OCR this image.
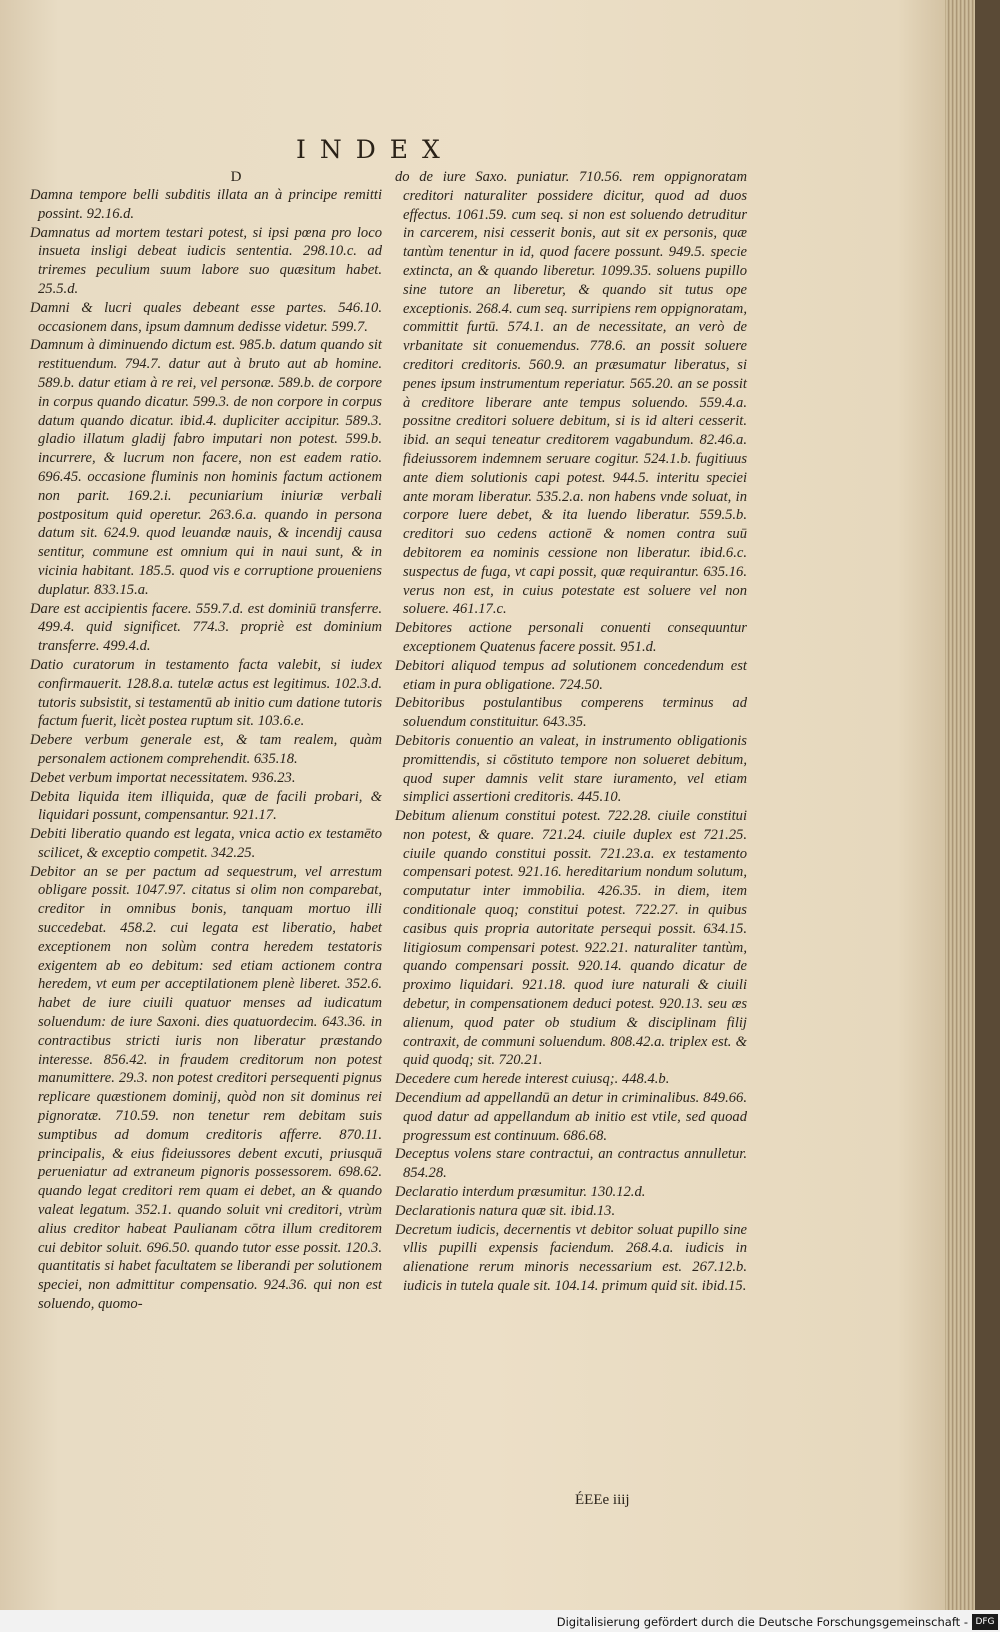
INDEX
D

Damna tempore belli subditis illata an à principe remitti possint. 92.16.d.

Damnatus ad mortem testari potest, si ipsi pœna pro loco insueta insligi debeat iudicis sententia. 298.10.c. ad triremes peculium suum labore suo quæsitum habet. 25.5.d.

Damni & lucri quales debeant esse partes. 546.10. occasionem dans, ipsum damnum dedisse videtur. 599.7.

Damnum à diminuendo dictum est. 985.b. datum quando sit restituendum. 794.7. datur aut à bruto aut ab homine. 589.b. datur etiam à re rei, vel personæ. 589.b. de corpore in corpus quando dicatur. 599.3. de non corpore in corpus datum quando dicatur. ibid.4. dupliciter accipitur. 589.3. gladio illatum gladij fabro imputari non potest. 599.b. incurrere, & lucrum non facere, non est eadem ratio. 696.45. occasione fluminis non hominis factum actionem non parit. 169.2.i. pecuniarium iniuriæ verbali postpositum quid operetur. 263.6.a. quando in persona datum sit. 624.9. quod leuandæ nauis, & incendij causa sentitur, commune est omnium qui in naui sunt, & in vicinia habitant. 185.5. quod vis e corruptione proueniens duplatur. 833.15.a.

Dare est accipientis facere. 559.7.d. est dominiū transferre. 499.4. quid significet. 774.3. propriè est dominium transferre. 499.4.d.

Datio curatorum in testamento facta valebit, si iudex confirmauerit. 128.8.a. tutelæ actus est legitimus. 102.3.d. tutoris subsistit, si testamentū ab initio cum datione tutoris factum fuerit, licèt postea ruptum sit. 103.6.e.

Debere verbum generale est, & tam realem, quàm personalem actionem comprehendit. 635.18.

Debet verbum importat necessitatem. 936.23.

Debita liquida item illiquida, quæ de facili probari, & liquidari possunt, compensantur. 921.17.

Debiti liberatio quando est legata, vnica actio ex testamēto scilicet, & exceptio competit. 342.25.

Debitor an se per pactum ad sequestrum, vel arrestum obligare possit. 1047.97. citatus si olim non comparebat, creditor in omnibus bonis, tanquam mortuo illi succedebat. 458.2. cui legata est liberatio, habet exceptionem non solùm contra heredem testatoris exigentem ab eo debitum: sed etiam actionem contra heredem, vt eum per acceptilationem plenè liberet. 352.6. habet de iure ciuili quatuor menses ad iudicatum soluendum: de iure Saxoni. dies quatuordecim. 643.36. in contractibus stricti iuris non liberatur præstando interesse. 856.42. in fraudem creditorum non potest manumittere. 29.3. non potest creditori persequenti pignus replicare quæstionem dominij, quòd non sit dominus rei pignoratæ. 710.59. non tenetur rem debitam suis sumptibus ad domum creditoris afferre. 870.11. principalis, & eius fideiussores debent excuti, priusquā perueniatur ad extraneum pignoris possessorem. 698.62. quando legat creditori rem quam ei debet, an & quando valeat legatum. 352.1. quando soluit vni creditori, vtrùm alius creditor habeat Paulianam cōtra illum creditorem cui debitor soluit. 696.50. quando tutor esse possit. 120.3. quantitatis si habet facultatem se liberandi per solutionem speciei, non admittitur compensatio. 924.36. qui non est soluendo, quomo-

do de iure Saxo. puniatur. 710.56. rem oppignoratam creditori naturaliter possidere dicitur, quod ad duos effectus. 1061.59. cum seq. si non est soluendo detruditur in carcerem, nisi cesserit bonis, aut sit ex personis, quæ tantùm tenentur in id, quod facere possunt. 949.5. specie extincta, an & quando liberetur. 1099.35. soluens pupillo sine tutore an liberetur, & quando sit tutus ope exceptionis. 268.4. cum seq. surripiens rem oppignoratam, committit furtū. 574.1. an de necessitate, an verò de vrbanitate sit conuemendus. 778.6. an possit soluere creditori creditoris. 560.9. an præsumatur liberatus, si penes ipsum instrumentum reperiatur. 565.20. an se possit à creditore liberare ante tempus soluendo. 559.4.a. possitne creditori soluere debitum, si is id alteri cesserit. ibid. an sequi teneatur creditorem vagabundum. 82.46.a. fideiussorem indemnem seruare cogitur. 524.1.b. fugitiuus ante diem solutionis capi potest. 944.5. interitu speciei ante moram liberatur. 535.2.a. non habens vnde soluat, in corpore luere debet, & ita luendo liberatur. 559.5.b. creditori suo cedens actionē & nomen contra suū debitorem ea nominis cessione non liberatur. ibid.6.c. suspectus de fuga, vt capi possit, quæ requirantur. 635.16. verus non est, in cuius potestate est soluere vel non soluere. 461.17.c.

Debitores actione personali conuenti consequuntur exceptionem Quatenus facere possit. 951.d.

Debitori aliquod tempus ad solutionem concedendum est etiam in pura obligatione. 724.50.

Debitoribus postulantibus comperens terminus ad soluendum constituitur. 643.35.

Debitoris conuentio an valeat, in instrumento obligationis promittendis, si cōstituto tempore non solueret debitum, quod super damnis velit stare iuramento, vel etiam simplici assertioni creditoris. 445.10.

Debitum alienum constitui potest. 722.28. ciuile constitui non potest, & quare. 721.24. ciuile duplex est 721.25. ciuile quando constitui possit. 721.23.a. ex testamento compensari potest. 921.16. hereditarium nondum solutum, computatur inter immobilia. 426.35. in diem, item conditionale quoq; constitui potest. 722.27. in quibus casibus quis propria autoritate persequi possit. 634.15. litigiosum compensari potest. 922.21. naturaliter tantùm, quando compensari possit. 920.14. quando dicatur de proximo liquidari. 921.18. quod iure naturali & ciuili debetur, in compensationem deduci potest. 920.13. seu æs alienum, quod pater ob studium & disciplinam filij contraxit, de communi soluendum. 808.42.a. triplex est. & quid quodq; sit. 720.21.

Decedere cum herede interest cuiusq;. 448.4.b.

Decendium ad appellandū an detur in criminalibus. 849.66. quod datur ad appellandum ab initio est vtile, sed quoad progressum est continuum. 686.68.

Deceptus volens stare contractui, an contractus annulletur. 854.28.

Declaratio interdum præsumitur. 130.12.d.

Declarationis natura quæ sit. ibid.13.

Decretum iudicis, decernentis vt debitor soluat pupillo sine vllis pupilli expensis faciendum. 268.4.a. iudicis in alienatione rerum minoris necessarium est. 267.12.b. iudicis in tutela quale sit. 104.14. primum quid sit. ibid.15.

ÉEEe iiij
Digitalisierung gefördert durch die Deutsche Forschungsgemeinschaft - DFG
